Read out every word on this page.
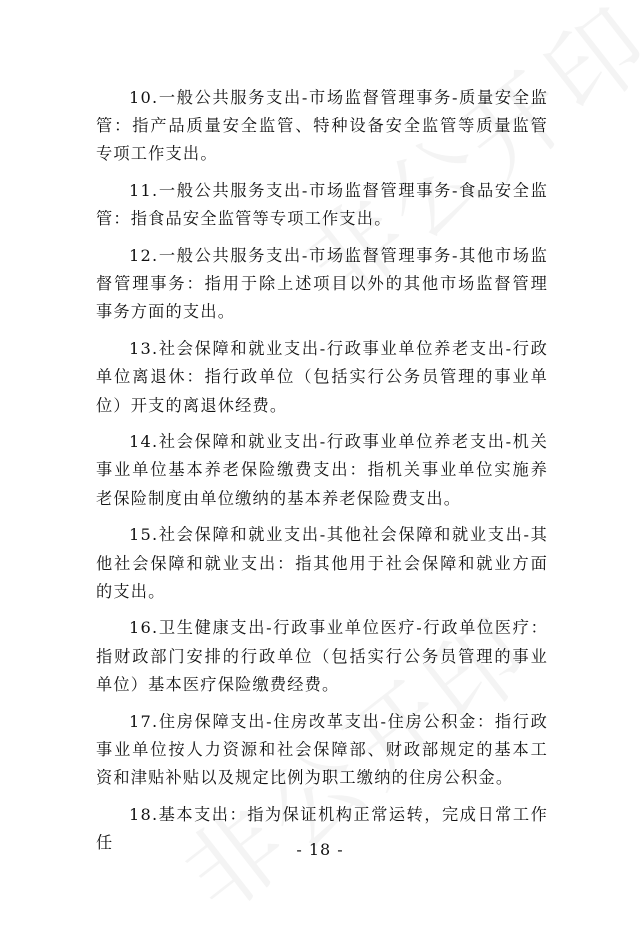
10.一般公共服务支出-市场监督管理事务-质量安全监管：指产品质量安全监管、特种设备安全监管等质量监管专项工作支出。

11.一般公共服务支出-市场监督管理事务-食品安全监管：指食品安全监管等专项工作支出。

12.一般公共服务支出-市场监督管理事务-其他市场监督管理事务：指用于除上述项目以外的其他市场监督管理事务方面的支出。

13.社会保障和就业支出-行政事业单位养老支出-行政单位离退休：指行政单位（包括实行公务员管理的事业单位）开支的离退休经费。

14.社会保障和就业支出-行政事业单位养老支出-机关事业单位基本养老保险缴费支出：指机关事业单位实施养老保险制度由单位缴纳的基本养老保险费支出。

15.社会保障和就业支出-其他社会保障和就业支出-其他社会保障和就业支出：指其他用于社会保障和就业方面的支出。

16.卫生健康支出-行政事业单位医疗-行政单位医疗：指财政部门安排的行政单位（包括实行公务员管理的事业单位）基本医疗保险缴费经费。

17.住房保障支出-住房改革支出-住房公积金：指行政事业单位按人力资源和社会保障部、财政部规定的基本工资和津贴补贴以及规定比例为职工缴纳的住房公积金。

18.基本支出：指为保证机构正常运转，完成日常工作任	- 18 -
